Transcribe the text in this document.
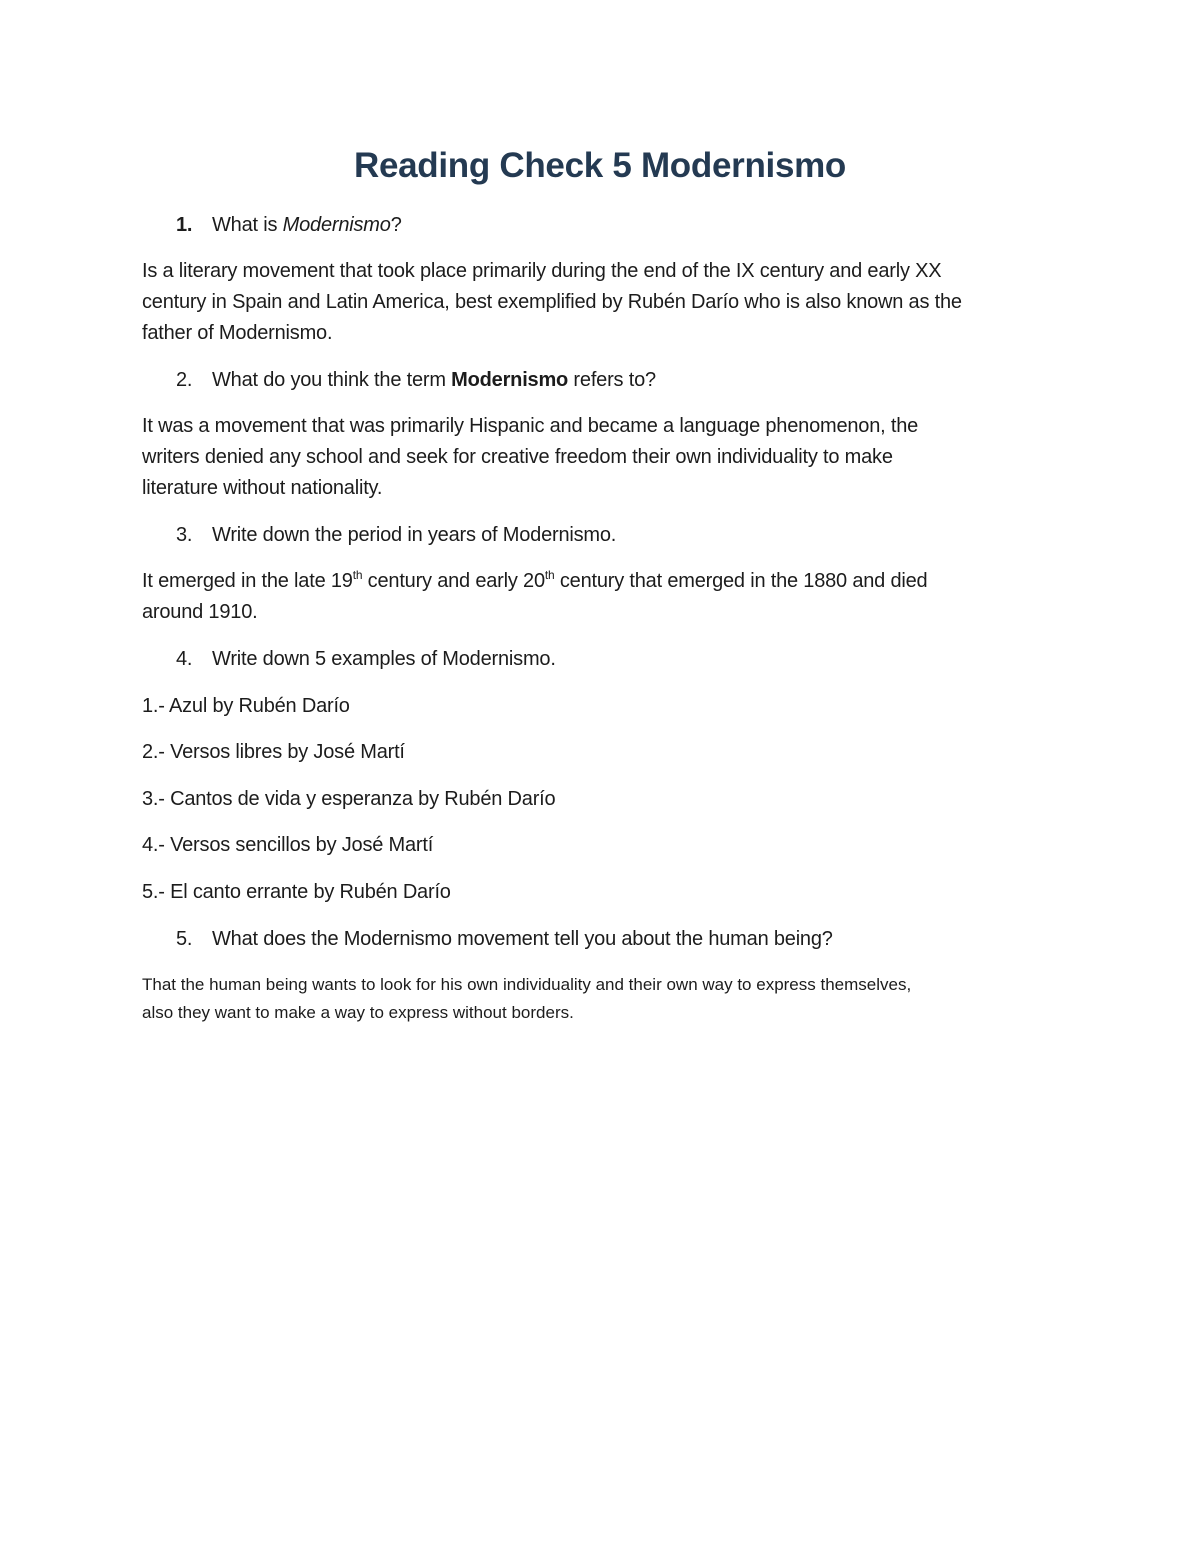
Reading Check 5 Modernismo
1. What is Modernismo?
Is a literary movement that took place primarily during the end of the IX century and early XX
century in Spain and Latin America, best exemplified by Rubén Darío who is also known as the
father of Modernismo.
2. What do you think the term Modernismo refers to?
It was a movement that was primarily Hispanic and became a language phenomenon, the
writers denied any school and seek for creative freedom their own individuality to make
literature without nationality.
3. Write down the period in years of Modernismo.
It emerged in the late 19th century and early 20th century that emerged in the 1880 and died
around 1910.
4. Write down 5 examples of Modernismo.
1.- Azul by Rubén Darío
2.- Versos libres by José Martí
3.- Cantos de vida y esperanza by Rubén Darío
4.- Versos sencillos by José Martí
5.- El canto errante by Rubén Darío
5. What does the Modernismo movement tell you about the human being?
That the human being wants to look for his own individuality and their own way to express themselves,
also they want to make a way to express without borders.
